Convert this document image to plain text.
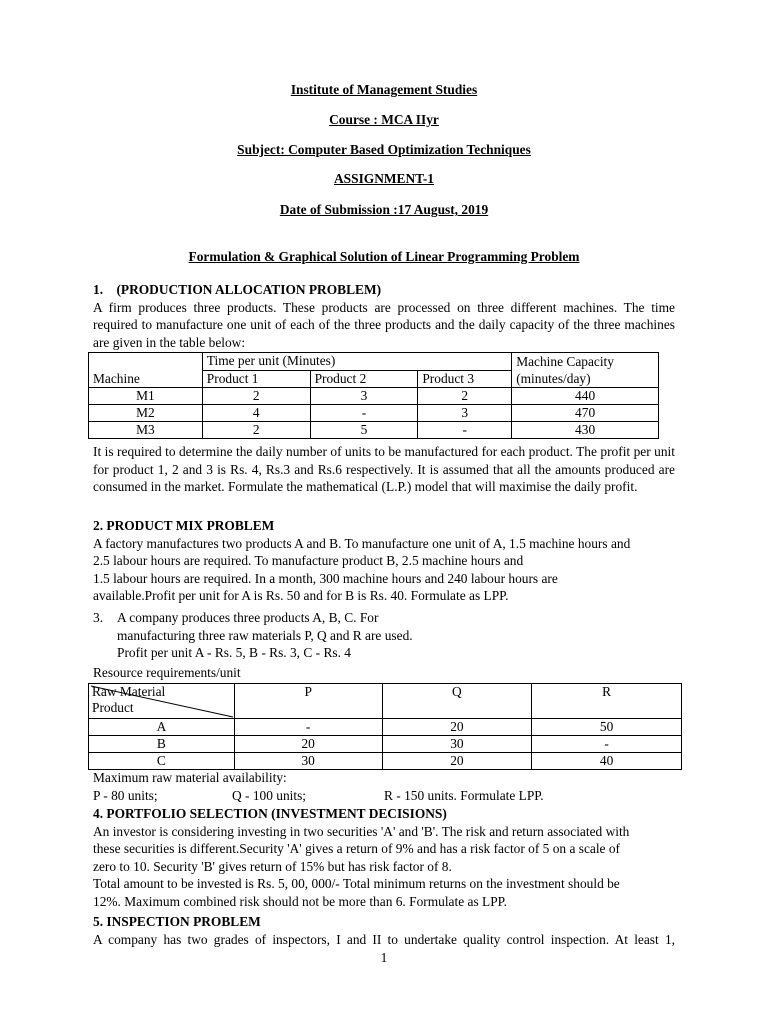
Institute of Management Studies
Course : MCA IIyr
Subject: Computer Based Optimization Techniques
ASSIGNMENT-1
Date of Submission :17 August, 2019
Formulation & Graphical Solution of Linear Programming Problem

1. (PRODUCTION ALLOCATION PROBLEM)

A firm produces three products. These products are processed on three different machines. The time required to manufacture one unit of each of the three products and the daily capacity of the three machines are given in the table below:

Machine	Time per unit (Minutes)			Machine Capacity (minutes/day)
	Product 1	Product 2	Product 3	
M1	2	3	2	440
M2	4	-	3	470
M3	2	5	-	430
It is required to determine the daily number of units to be manufactured for each product. The profit per unit for product 1, 2 and 3 is Rs. 4, Rs.3 and Rs.6 respectively. It is assumed that all the amounts produced are consumed in the market. Formulate the mathematical (L.P.) model that will maximise the daily profit.

2. PRODUCT MIX PROBLEM

A factory manufactures two products A and B. To manufacture one unit of A, 1.5 machine hours and

2.5 labour hours are required. To manufacture product B, 2.5 machine hours and

1.5 labour hours are required. In a month, 300 machine hours and 240 labour hours are

available.Profit per unit for A is Rs. 50 and for B is Rs. 40. Formulate as LPP.

3. A company produces three products A, B, C. For

manufacturing three raw materials P, Q and R are used.

Profit per unit A - Rs. 5, B - Rs. 3, C - Rs. 4

Resource requirements/unit
Raw Material
Product	P	Q	R
A	-	20	50
B	20	30	-
C	30	20	40
Maximum raw material availability:
P - 80 units;	Q - 100 units;	R - 150 units. Formulate LPP.

4. PORTFOLIO SELECTION (INVESTMENT DECISIONS)

An investor is considering investing in two securities 'A' and 'B'. The risk and return associated with

these securities is different.Security 'A' gives a return of 9% and has a risk factor of 5 on a scale of

zero to 10. Security 'B' gives return of 15% but has risk factor of 8.

Total amount to be invested is Rs. 5, 00, 000/- Total minimum returns on the investment should be

12%. Maximum combined risk should not be more than 6. Formulate as LPP.

5. INSPECTION PROBLEM

A company has two grades of inspectors, I and II to undertake quality control inspection. At least 1,

1
